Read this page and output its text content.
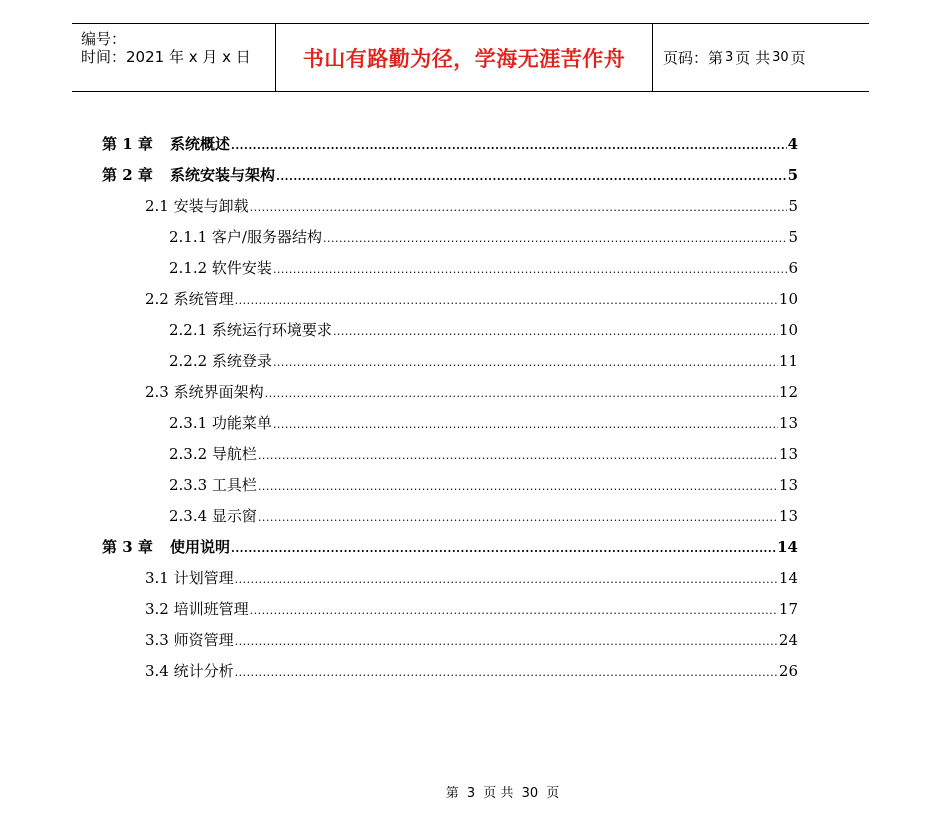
编号：
时间：2021 年 x 月 x 日	书山有路勤为径，学海无涯苦作舟	页码：第 3 页 共 30 页
第 1 章 系统概述 .....	4
第 2 章 系统安装与架构 .....	5
2.1 安装与卸载 .....	5
2.1.1 客户/服务器结构 .....	5
2.1.2 软件安装 .....	6
2.2 系统管理 .....	10
2.2.1 系统运行环境要求 .....	10
2.2.2 系统登录 .....	11
2.3 系统界面架构 .....	12
2.3.1 功能菜单 .....	13
2.3.2 导航栏 .....	13
2.3.3 工具栏 .....	13
2.3.4 显示窗 .....	13
第 3 章 使用说明 .....	14
3.1 计划管理 .....	14
3.2 培训班管理 .....	17
3.3 师资管理 .....	24
3.4 统计分析 .....	26
第 3 页 共 30 页
